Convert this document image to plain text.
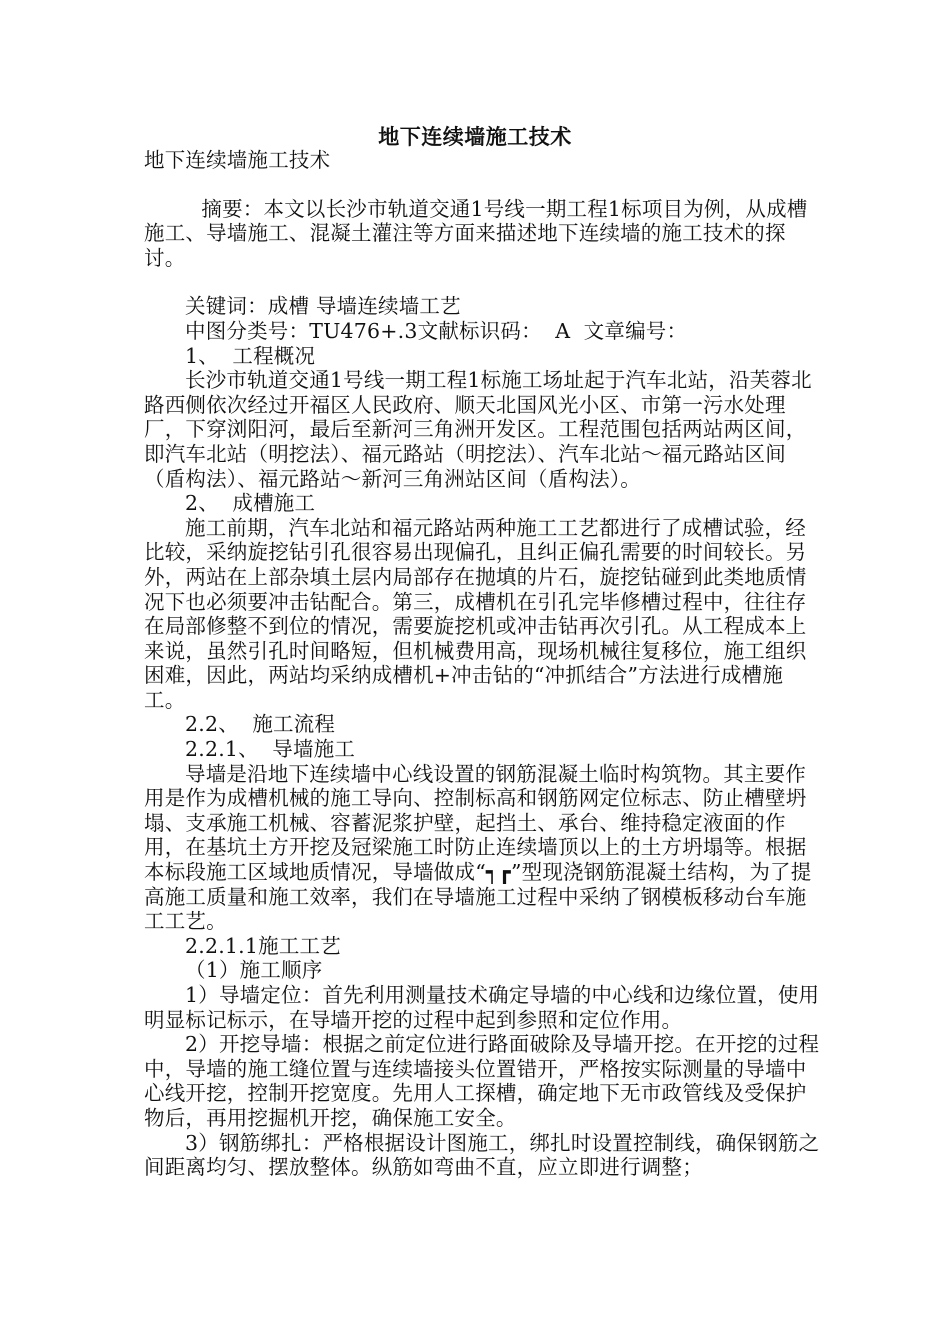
地下连续墙施工技术

地下连续墙施工技术

摘要：本文以长沙市轨道交通1号线一期工程1标项目为例，从成槽施工、导墙施工、混凝土灌注等方面来描述地下连续墙的施工技术的探讨。

关键词：成槽 导墙连续墙工艺

中图分类号：TU476+.3文献标识码：  A  文章编号：

1、  工程概况

长沙市轨道交通1号线一期工程1标施工场址起于汽车北站，沿芙蓉北路西侧依次经过开福区人民政府、顺天北国风光小区、市第一污水处理厂，下穿浏阳河，最后至新河三角洲开发区。工程范围包括两站两区间，即汽车北站（明挖法）、福元路站（明挖法）、汽车北站～福元路站区间（盾构法）、福元路站～新河三角洲站区间（盾构法）。

2、  成槽施工

施工前期，汽车北站和福元路站两种施工工艺都进行了成槽试验，经比较，采纳旋挖钻引孔很容易出现偏孔，且纠正偏孔需要的时间较长。另外，两站在上部杂填土层内局部存在抛填的片石，旋挖钻碰到此类地质情况下也必须要冲击钻配合。第三，成槽机在引孔完毕修槽过程中，往往存在局部修整不到位的情况，需要旋挖机或冲击钻再次引孔。从工程成本上来说，虽然引孔时间略短，但机械费用高，现场机械往复移位，施工组织困难，因此，两站均采纳成槽机+冲击钻的“冲抓结合”方法进行成槽施工。

2.2、  施工流程

2.2.1、  导墙施工

导墙是沿地下连续墙中心线设置的钢筋混凝土临时构筑物。其主要作用是作为成槽机械的施工导向、控制标高和钢筋网定位标志、防止槽壁坍塌、支承施工机械、容蓄泥浆护壁，起挡土、承台、维持稳定液面的作用，在基坑土方开挖及冠梁施工时防止连续墙顶以上的土方坍塌等。根据本标段施工区域地质情况，导墙做成“┑┏”型现浇钢筋混凝土结构，为了提高施工质量和施工效率，我们在导墙施工过程中采纳了钢模板移动台车施工工艺。

2.2.1.1施工工艺

（1）施工顺序

1）导墙定位：首先利用测量技术确定导墙的中心线和边缘位置，使用明显标记标示，在导墙开挖的过程中起到参照和定位作用。

2）开挖导墙：根据之前定位进行路面破除及导墙开挖。在开挖的过程中，导墙的施工缝位置与连续墙接头位置错开，严格按实际测量的导墙中心线开挖，控制开挖宽度。先用人工探槽，确定地下无市政管线及受保护物后，再用挖掘机开挖，确保施工安全。

3）钢筋绑扎：严格根据设计图施工，绑扎时设置控制线，确保钢筋之间距离均匀、摆放整体。纵筋如弯曲不直，应立即进行调整；
